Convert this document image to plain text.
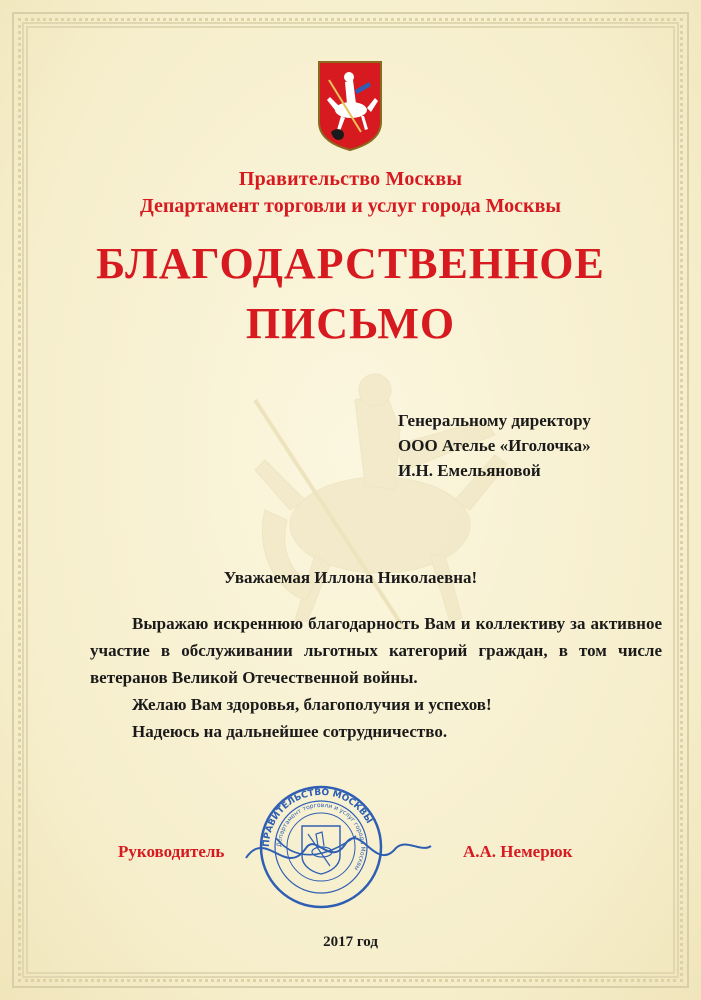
Правительство Москвы
Департамент торговли и услуг города Москвы
БЛАГОДАРСТВЕННОЕ
ПИСЬМО
Генеральному директору
ООО Ателье «Иголочка»
И.Н. Емельяновой
Уважаемая Иллона Николаевна!

Выражаю искреннюю благодарность Вам и коллективу за активное участие в обслуживании льготных категорий граждан, в том числе ветеранов Великой Отечественной войны.

Желаю Вам здоровья, благополучия и успехов!

Надеюсь на дальнейшее сотрудничество.

Руководитель	А.А. Немерюк
ПРАВИТЕЛЬСТВО МОСКВЫ
Департамент торговли и услуг города Москвы
2017 год
